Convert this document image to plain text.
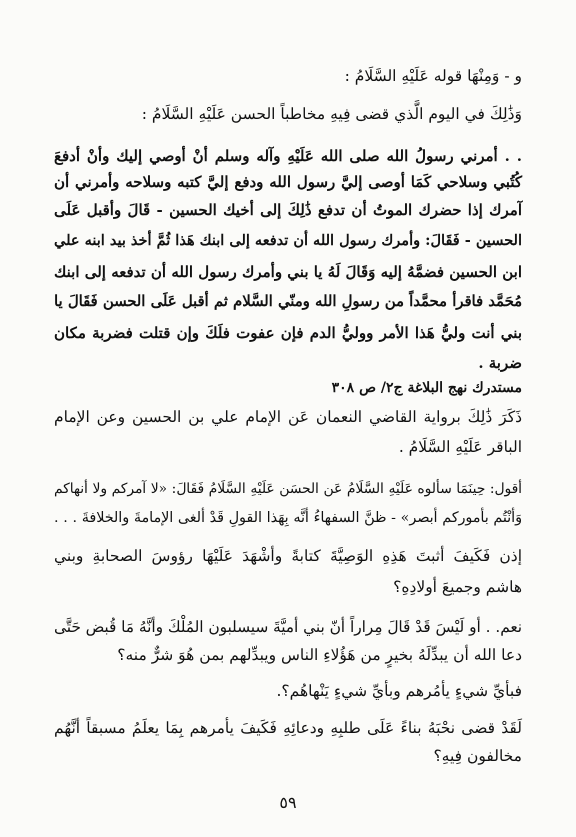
و - وَمِنْهَا قوله عَلَيْهِ السَّلَامُ :
وَذَٰلِكَ في اليوم الَّذي قضى فِيهِ مخاطباً الحسن عَلَيْهِ السَّلَامُ :
. . أمرني رسولُ الله صلى الله عَلَيْهِ وآله وسلم أنْ أوصي إليك وأنْ أدفعَ
كُتُبي وسلاحي كَمَا أوصى إليَّ رسول الله ودفع إليَّ كتبه وسلاحه وأمرني أن
آمرك إذا حضرك الموتُ أن تدفع ذَٰلِكَ إلى أخيك الحسين - قَالَ وأقبل عَلَى
الحسين - فَقَالَ: وأمرك رسول الله أن تدفعه إلى ابنك هَذا ثُمَّ أخذ بيد ابنه علي
ابن الحسين فضمَّهُ إليه وَقَالَ لَهُ يا بني وأمرك رسول الله أن تدفعه إلى ابنك
مُحَمَّد فاقرأ محمَّداً من رسولِ الله ومنّي السَّلام ثم أقبل عَلَى الحسن فَقَالَ يا
بني أنت وليُّ هَذا الأمر ووليُّ الدم فإن عفوت فلَكَ وإن قتلت فضربة مكان
ضربة .
مستدرك نهج البلاغة ج٢/ ص ٣٠٨
ذَكَرَ ذَٰلِكَ برواية القاضي النعمان عَن الإمام علي بن الحسين وعن الإمام
الباقر عَلَيْهِ السَّلَامُ .
أقول: حِينَمَا سألوه عَلَيْهِ السَّلَامُ عَن الحسَن عَلَيْهِ السَّلَامُ فَقَالَ: «لا آمركم ولا أنهاكم
وَأنْتُم بأموركم أبصر» - ظنَّ السفهاءُ أنَّه بِهَذا القولِ قَدْ ألغى الإمامةَ والخلافةَ . . .
إذن فَكَيفَ أثبتَ هَذِهِ الوَصِيَّةَ كتابةً وأشْهَدَ عَلَيْهَا رؤوسَ الصحابةِ وبني
هاشم وجميعَ أولادِهِ؟
نعم. . أو لَيْسَ قَدْ قَالَ مِراراً أنّ بني أميَّةَ سيسلبون المُلْكَ وأنَّهُ مَا قُبض حَتَّى
دعا الله أن يبدِّلَهُ بخيرٍ من هَؤُلاءِ الناس ويبدِّلهم بمن هُوَ شرٌّ منه؟
فبأيِّ شيءٍ يأمُرهم وبأيِّ شيءٍ يَنْهاهُم؟.
لَقَدْ قضى نحْبَهُ بناءً عَلَى طلبِهِ ودعائِهِ فَكَيفَ يأمرهم بِمَا يعلَمُ مسبقاً أنَّهُم
مخالفون فِيهِ؟
٥٩
